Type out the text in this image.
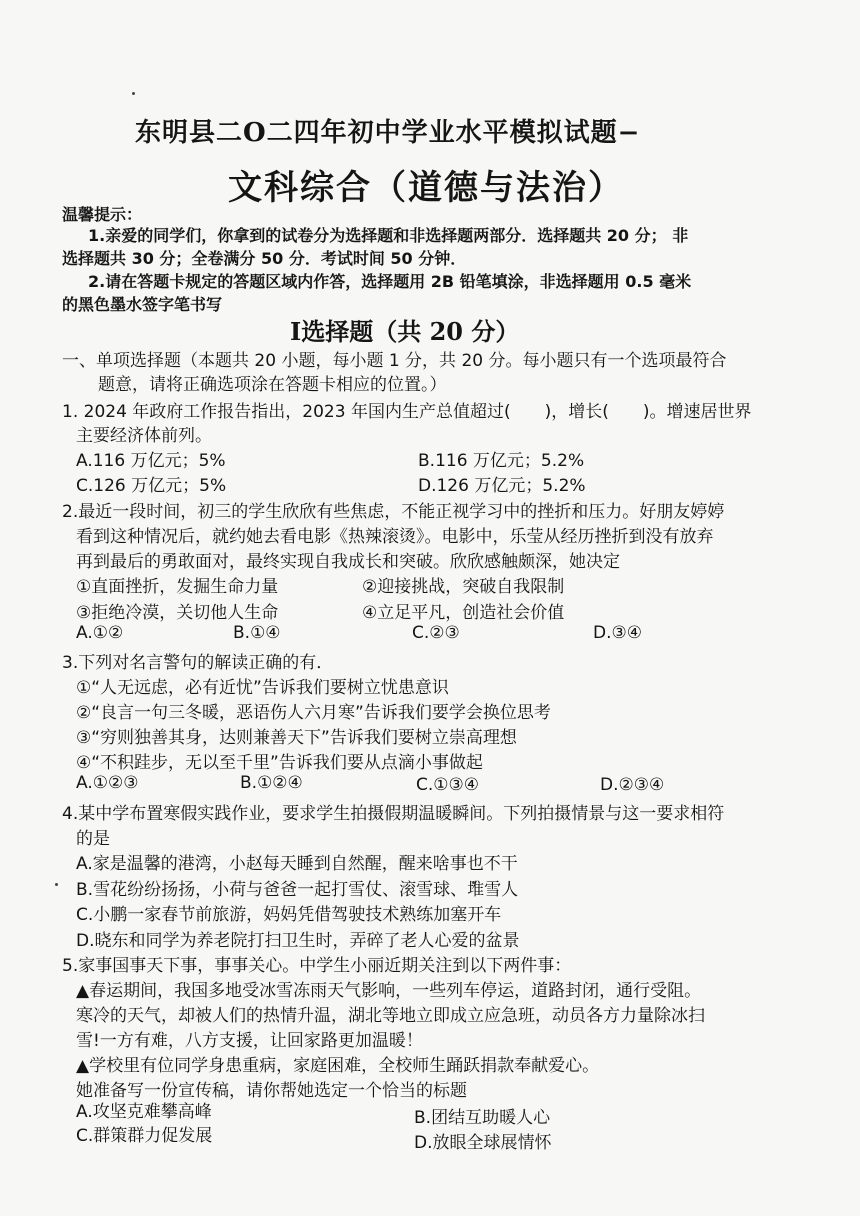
东明县二O二四年初中学业水平模拟试题−
文科综合（道德与法治）
温馨提示：
1.亲爱的同学们，你拿到的试卷分为选择题和非选择题两部分．选择题共 20 分； 非
选择题共 30 分；全卷满分 50 分．考试时间 50 分钟．
2.请在答题卡规定的答题区域内作答，选择题用 2B 铅笔填涂，非选择题用 0.5 毫米
的黑色墨水签字笔书写
Ⅰ选择题（共 20 分）
一、单项选择题（本题共 20 小题，每小题 1 分，共 20 分。每小题只有一个选项最符合
题意，请将正确选项涂在答题卡相应的位置。）
1. 2024 年政府工作报告指出，2023 年国内生产总值超过(　　)，增长(　　)。增速居世界
主要经济体前列。
A.116 万亿元；5%	B.116 万亿元；5.2%
C.126 万亿元；5%	D.126 万亿元；5.2%
2.最近一段时间，初三的学生欣欣有些焦虑，不能正视学习中的挫折和压力。好朋友婷婷
看到这种情况后，就约她去看电影《热辣滚烫》。电影中，乐莹从经历挫折到没有放弃
再到最后的勇敢面对，最终实现自我成长和突破。欣欣感触颇深，她决定
①直面挫折，发掘生命力量	②迎接挑战，突破自我限制
③拒绝冷漠，关切他人生命	④立足平凡，创造社会价值
A.①②	B.①④	C.②③	D.③④
3.下列对名言警句的解读正确的有．
①“人无远虑，必有近忧”告诉我们要树立忧患意识
②“良言一句三冬暖，恶语伤人六月寒”告诉我们要学会换位思考
③“穷则独善其身，达则兼善天下”告诉我们要树立崇高理想
④“不积跬步，无以至千里”告诉我们要从点滴小事做起
A.①②③	B.①②④	C.①③④	D.②③④
4.某中学布置寒假实践作业，要求学生拍摄假期温暖瞬间。下列拍摄情景与这一要求相符
的是
A.家是温馨的港湾，小赵每天睡到自然醒，醒来啥事也不干
B.雪花纷纷扬扬，小荷与爸爸一起打雪仗、滚雪球、堆雪人
C.小鹏一家春节前旅游，妈妈凭借驾驶技术熟练加塞开车
D.晓东和同学为养老院打扫卫生时，弄碎了老人心爱的盆景
5.家事国事天下事，事事关心。中学生小丽近期关注到以下两件事：
▲春运期间，我国多地受冰雪冻雨天气影响，一些列车停运，道路封闭，通行受阻。
寒冷的天气，却被人们的热情升温，湖北等地立即成立应急班，动员各方力量除冰扫
雪!一方有难，八方支援，让回家路更加温暖！
▲学校里有位同学身患重病，家庭困难，全校师生踊跃捐款奉献爱心。
她准备写一份宣传稿，请你帮她选定一个恰当的标题
A.攻坚克难攀高峰	B.团结互助暖人心
C.群策群力促发展	D.放眼全球展情怀
